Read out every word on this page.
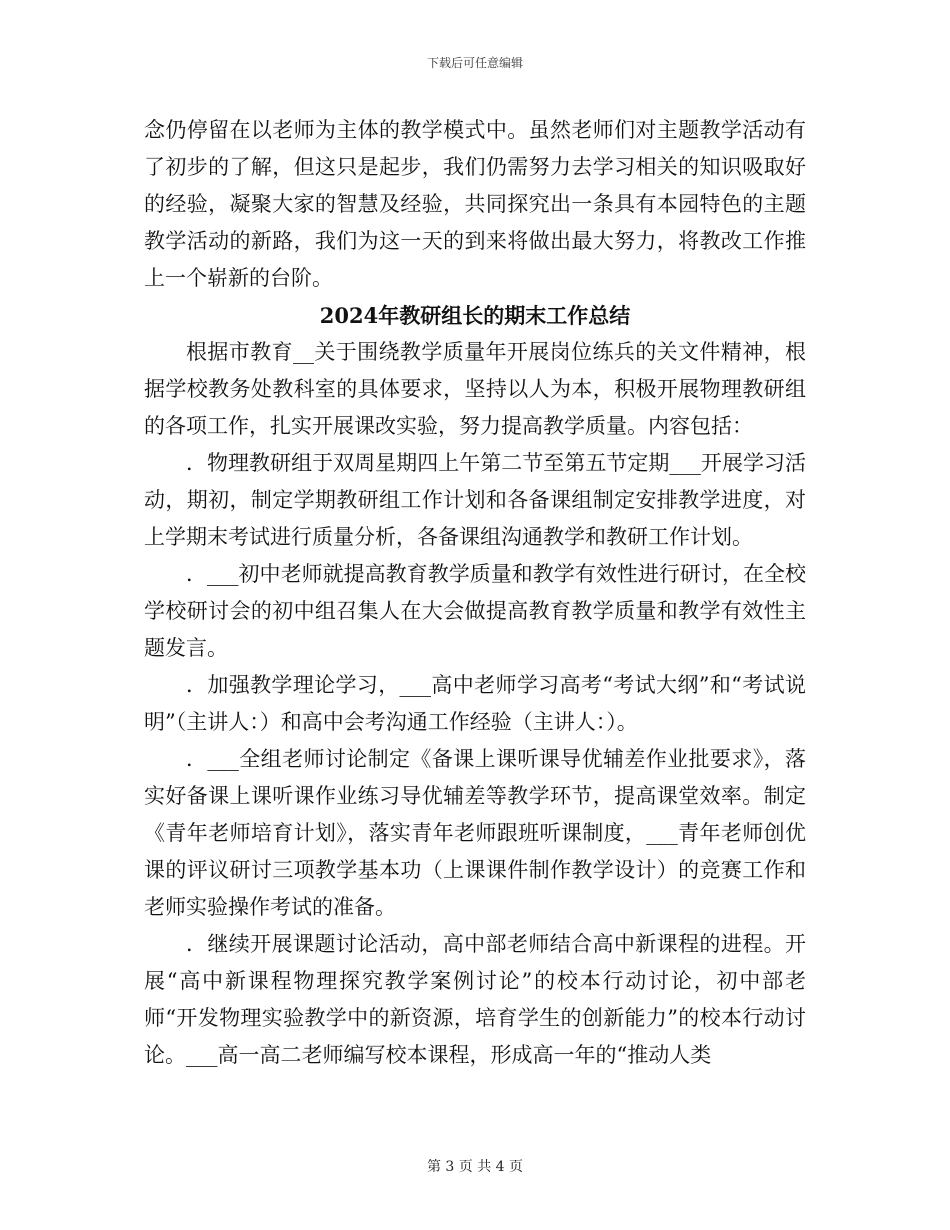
下载后可任意编辑

念仍停留在以老师为主体的教学模式中。虽然老师们对主题教学活动有了初步的了解，但这只是起步，我们仍需努力去学习相关的知识吸取好的经验，凝聚大家的智慧及经验，共同探究出一条具有本园特色的主题教学活动的新路，我们为这一天的到来将做出最大努力，将教改工作推上一个崭新的台阶。

2024年教研组长的期末工作总结

根据市教育__关于围绕教学质量年开展岗位练兵的关文件精神，根据学校教务处教科室的具体要求，坚持以人为本，积极开展物理教研组的各项工作，扎实开展课改实验，努力提高教学质量。内容包括：

．物理教研组于双周星期四上午第二节至第五节定期___开展学习活动，期初，制定学期教研组工作计划和各备课组制定安排教学进度，对上学期末考试进行质量分析，各备课组沟通教学和教研工作计划。

．___初中老师就提高教育教学质量和教学有效性进行研讨，在全校学校研讨会的初中组召集人在大会做提高教育教学质量和教学有效性主题发言。

．加强教学理论学习，___高中老师学习高考“考试大纲”和“考试说明”（主讲人：）和高中会考沟通工作经验（主讲人：）。

．___全组老师讨论制定《备课上课听课导优辅差作业批要求》，落实好备课上课听课作业练习导优辅差等教学环节，提高课堂效率。制定《青年老师培育计划》，落实青年老师跟班听课制度，___青年老师创优课的评议研讨三项教学基本功（上课课件制作教学设计）的竞赛工作和老师实验操作考试的准备。

．继续开展课题讨论活动，高中部老师结合高中新课程的进程。开展“高中新课程物理探究教学案例讨论”的校本行动讨论，初中部老师“开发物理实验教学中的新资源，培育学生的创新能力”的校本行动讨论。___高一高二老师编写校本课程，形成高一年的“推动人类

第 3 页 共 4 页
